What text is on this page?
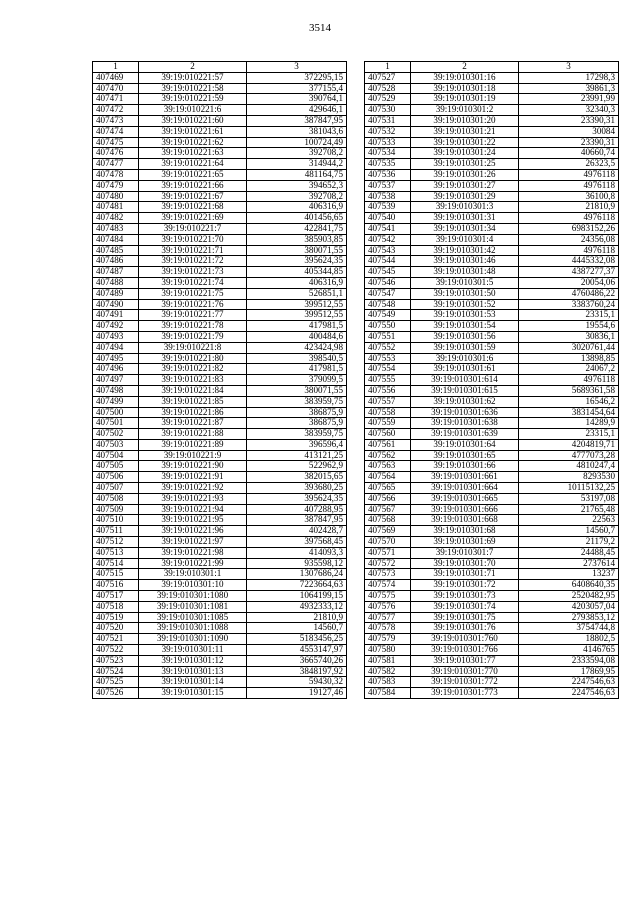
3514
1	2	3
407469	39:19:010221:57	372295,15
407470	39:19:010221:58	377155,4
407471	39:19:010221:59	390764,1
407472	39:19:010221:6	429646,1
407473	39:19:010221:60	387847,95
407474	39:19:010221:61	381043,6
407475	39:19:010221:62	100724,49
407476	39:19:010221:63	392708,2
407477	39:19:010221:64	314944,2
407478	39:19:010221:65	481164,75
407479	39:19:010221:66	394652,3
407480	39:19:010221:67	392708,2
407481	39:19:010221:68	406316,9
407482	39:19:010221:69	401456,65
407483	39:19:010221:7	422841,75
407484	39:19:010221:70	385903,85
407485	39:19:010221:71	380071,55
407486	39:19:010221:72	395624,35
407487	39:19:010221:73	405344,85
407488	39:19:010221:74	406316,9
407489	39:19:010221:75	526851,1
407490	39:19:010221:76	399512,55
407491	39:19:010221:77	399512,55
407492	39:19:010221:78	417981,5
407493	39:19:010221:79	400484,6
407494	39:19:010221:8	423424,98
407495	39:19:010221:80	398540,5
407496	39:19:010221:82	417981,5
407497	39:19:010221:83	379099,5
407498	39:19:010221:84	380071,55
407499	39:19:010221:85	383959,75
407500	39:19:010221:86	386875,9
407501	39:19:010221:87	386875,9
407502	39:19:010221:88	383959,75
407503	39:19:010221:89	396596,4
407504	39:19:010221:9	413121,25
407505	39:19:010221:90	522962,9
407506	39:19:010221:91	382015,65
407507	39:19:010221:92	393680,25
407508	39:19:010221:93	395624,35
407509	39:19:010221:94	407288,95
407510	39:19:010221:95	387847,95
407511	39:19:010221:96	402428,7
407512	39:19:010221:97	397568,45
407513	39:19:010221:98	414093,3
407514	39:19:010221:99	935598,12
407515	39:19:010301:1	1307686,24
407516	39:19:010301:10	7223664,63
407517	39:19:010301:1080	1064199,15
407518	39:19:010301:1081	4932333,12
407519	39:19:010301:1085	21810,9
407520	39:19:010301:1088	14560,7
407521	39:19:010301:1090	5183456,25
407522	39:19:010301:11	4553147,97
407523	39:19:010301:12	3665740,26
407524	39:19:010301:13	3848197,92
407525	39:19:010301:14	59430,32
407526	39:19:010301:15	19127,46
1	2	3
407527	39:19:010301:16	17298,3
407528	39:19:010301:18	39861,3
407529	39:19:010301:19	23991,99
407530	39:19:010301:2	32340,3
407531	39:19:010301:20	23390,31
407532	39:19:010301:21	30084
407533	39:19:010301:22	23390,31
407534	39:19:010301:24	40660,74
407535	39:19:010301:25	26323,5
407536	39:19:010301:26	4976118
407537	39:19:010301:27	4976118
407538	39:19:010301:29	36100,8
407539	39:19:010301:3	21810,9
407540	39:19:010301:31	4976118
407541	39:19:010301:34	6983152,26
407542	39:19:010301:4	24356,08
407543	39:19:010301:42	4976118
407544	39:19:010301:46	4445332,08
407545	39:19:010301:48	4387277,37
407546	39:19:010301:5	20054,06
407547	39:19:010301:50	4760486,22
407548	39:19:010301:52	3383760,24
407549	39:19:010301:53	23315,1
407550	39:19:010301:54	19554,6
407551	39:19:010301:56	30836,1
407552	39:19:010301:59	3020761,44
407553	39:19:010301:6	13898,85
407554	39:19:010301:61	24067,2
407555	39:19:010301:614	4976118
407556	39:19:010301:615	5689361,58
407557	39:19:010301:62	16546,2
407558	39:19:010301:636	3831454,64
407559	39:19:010301:638	14289,9
407560	39:19:010301:639	23315,1
407561	39:19:010301:64	4204819,71
407562	39:19:010301:65	4777073,28
407563	39:19:010301:66	4810247,4
407564	39:19:010301:661	8293530
407565	39:19:010301:664	10115132,25
407566	39:19:010301:665	53197,08
407567	39:19:010301:666	21765,48
407568	39:19:010301:668	22563
407569	39:19:010301:68	14560,7
407570	39:19:010301:69	21179,2
407571	39:19:010301:7	24488,45
407572	39:19:010301:70	2737614
407573	39:19:010301:71	13237
407574	39:19:010301:72	6408640,35
407575	39:19:010301:73	2520482,95
407576	39:19:010301:74	4203057,04
407577	39:19:010301:75	2793853,12
407578	39:19:010301:76	3754744,8
407579	39:19:010301:760	18802,5
407580	39:19:010301:766	4146765
407581	39:19:010301:77	2333594,08
407582	39:19:010301:770	17869,95
407583	39:19:010301:772	2247546,63
407584	39:19:010301:773	2247546,63
